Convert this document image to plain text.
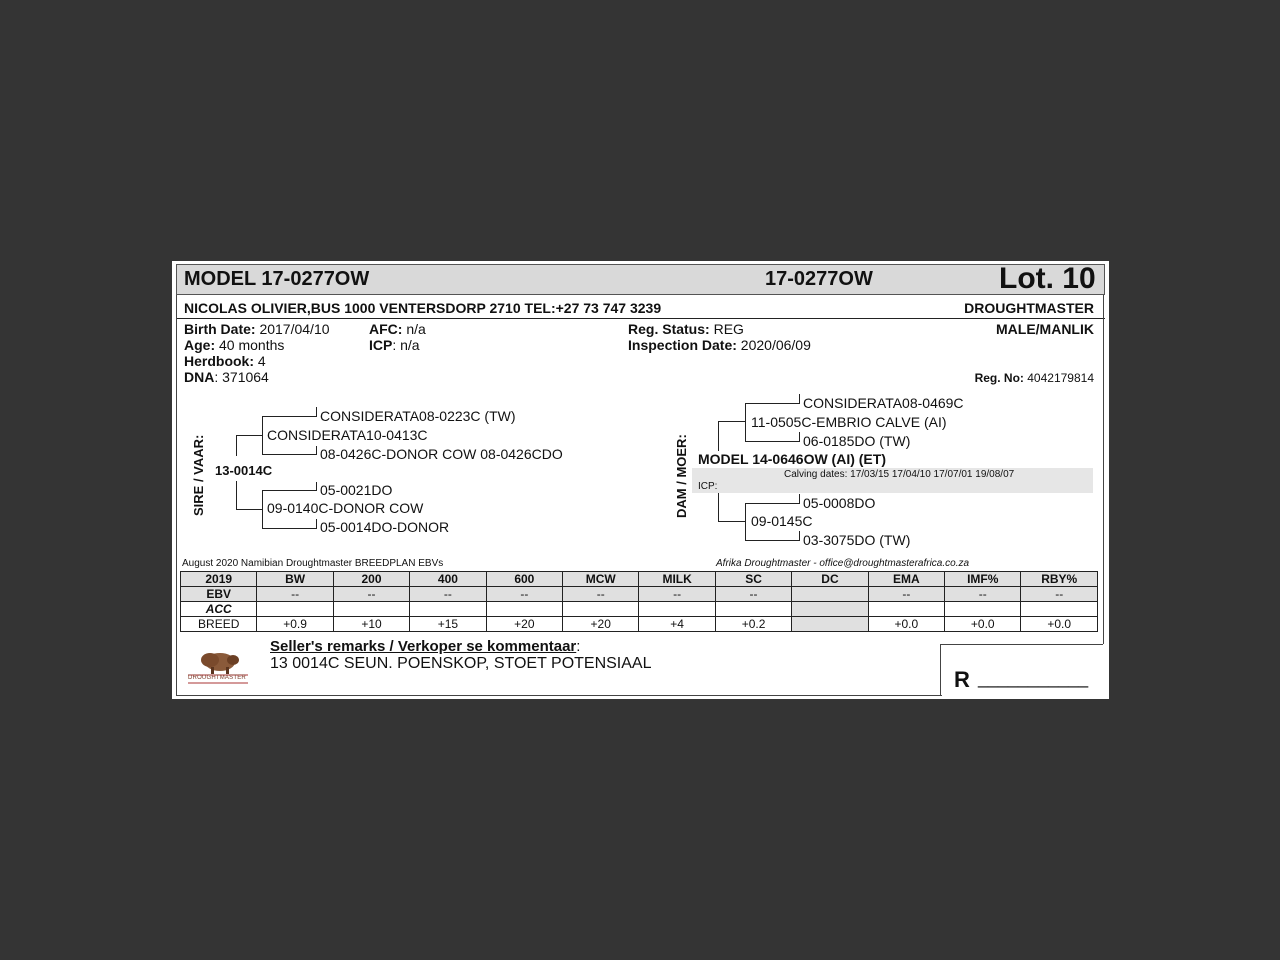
MODEL 17-0277OW	17-0277OW	Lot. 10
NICOLAS OLIVIER,BUS 1000 VENTERSDORP 2710 TEL:+27 73 747 3239	DROUGHTMASTER
Birth Date: 2017/04/10
Age: 40 months
Herdbook: 4
DNA: 371064
AFC: n/a
ICP: n/a
Reg. Status: REG
Inspection Date: 2020/06/09
MALE/MANLIK
Reg. No: 4042179814
SIRE / VAAR: 13-0014C
CONSIDERATA08-0223C (TW)
CONSIDERATA10-0413C
08-0426C-DONOR COW 08-0426CDO
05-0021DO
09-0140C-DONOR COW
05-0014DO-DONOR
DAM / MOER:
CONSIDERATA08-0469C
11-0505C-EMBRIO CALVE (AI)
06-0185DO (TW)
MODEL 14-0646OW (AI) (ET)
Calving dates: 17/03/15 17/04/10 17/07/01 19/08/07
ICP:
05-0008DO
09-0145C
03-3075DO (TW)
August 2020 Namibian Droughtmaster BREEDPLAN EBVs	Afrika Droughtmaster - office@droughtmasterafrica.co.za
2019	BW	200	400	600	MCW	MILK	SC	DC	EMA	IMF%	RBY%
EBV	--	--	--	--	--	--	--		--	--	--
ACC											
BREED	+0.9	+10	+15	+20	+20	+4	+0.2		+0.0	+0.0	+0.0
Seller's remarks / Verkoper se kommentaar:
13 0014C SEUN. POENSKOP, STOET POTENSIAAL
R ___________
DROUGHTMASTER
